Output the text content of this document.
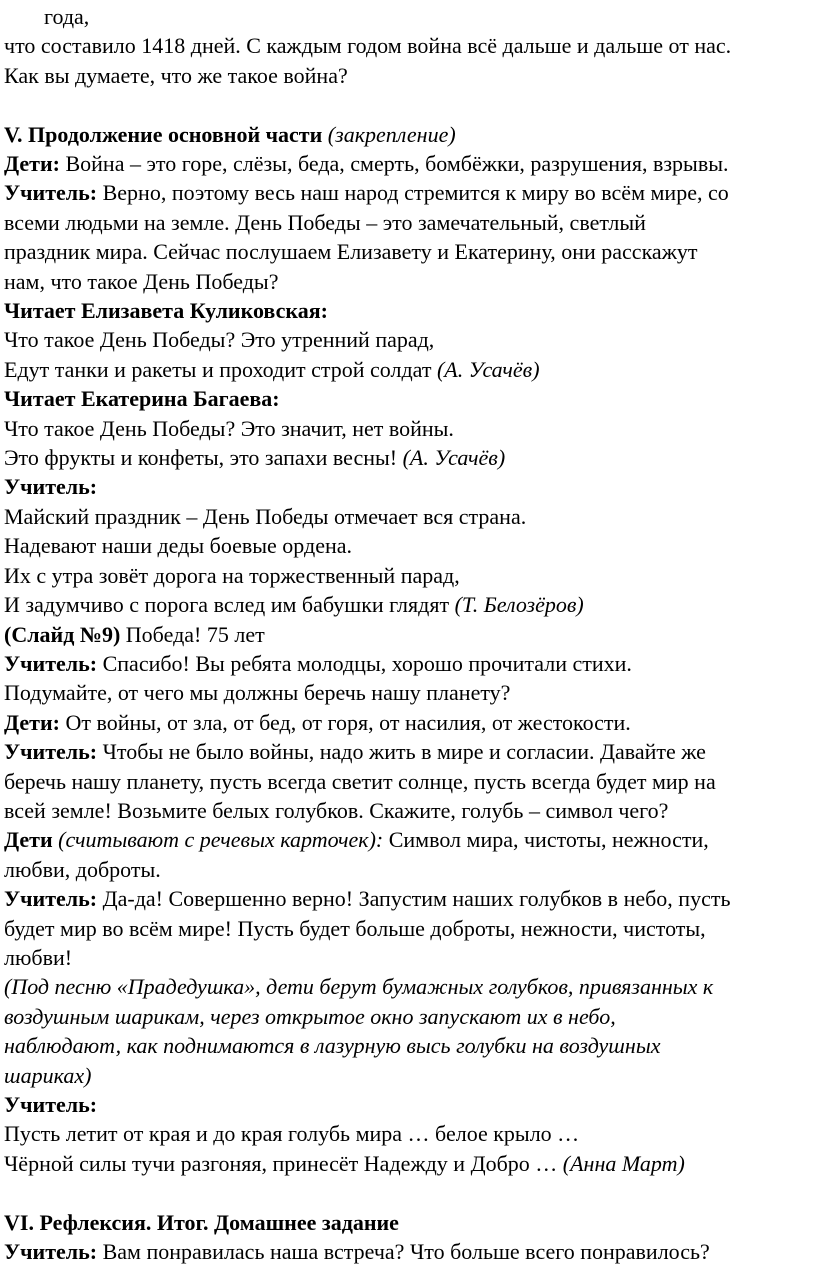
года,

что составило 1418 дней. С каждым годом война всё дальше и дальше от нас.

Как вы думаете, что же такое война?

V. Продолжение основной части (закрепление)

Дети: Война – это горе, слёзы, беда, смерть, бомбёжки, разрушения, взрывы.

Учитель: Верно, поэтому весь наш народ стремится к миру во всём мире, со

всеми людьми на земле. День Победы – это замечательный, светлый

праздник мира. Сейчас послушаем Елизавету и Екатерину, они расскажут

нам, что такое День Победы?

Читает Елизавета Куликовская:

Что такое День Победы? Это утренний парад,

Едут танки и ракеты и проходит строй солдат (А. Усачёв)

Читает Екатерина Багаева:

Что такое День Победы? Это значит, нет войны.

Это фрукты и конфеты, это запахи весны! (А. Усачёв)

Учитель:

Майский праздник – День Победы отмечает вся страна.

Надевают наши деды боевые ордена.

Их с утра зовёт дорога на торжественный парад,

И задумчиво с порога вслед им бабушки глядят (Т. Белозёров)

(Слайд №9) Победа! 75 лет

Учитель: Спасибо! Вы ребята молодцы, хорошо прочитали стихи.

Подумайте, от чего мы должны беречь нашу планету?

Дети: От войны, от зла, от бед, от горя, от насилия, от жестокости.

Учитель: Чтобы не было войны, надо жить в мире и согласии. Давайте же

беречь нашу планету, пусть всегда светит солнце, пусть всегда будет мир на

всей земле! Возьмите белых голубков. Скажите, голубь – символ чего?

Дети (считывают с речевых карточек): Символ мира, чистоты, нежности,

любви, доброты.

Учитель: Да-да! Совершенно верно! Запустим наших голубков в небо, пусть

будет мир во всём мире! Пусть будет больше доброты, нежности, чистоты,

любви!

(Под песню «Прадедушка», дети берут бумажных голубков, привязанных к

воздушным шарикам, через открытое окно запускают их в небо,

наблюдают, как поднимаются в лазурную высь голубки на воздушных

шариках)

Учитель:

Пусть летит от края и до края голубь мира … белое крыло …

Чёрной силы тучи разгоняя, принесёт Надежду и Добро … (Анна Март)

VI. Рефлексия. Итог. Домашнее задание

Учитель: Вам понравилась наша встреча? Что больше всего понравилось?
